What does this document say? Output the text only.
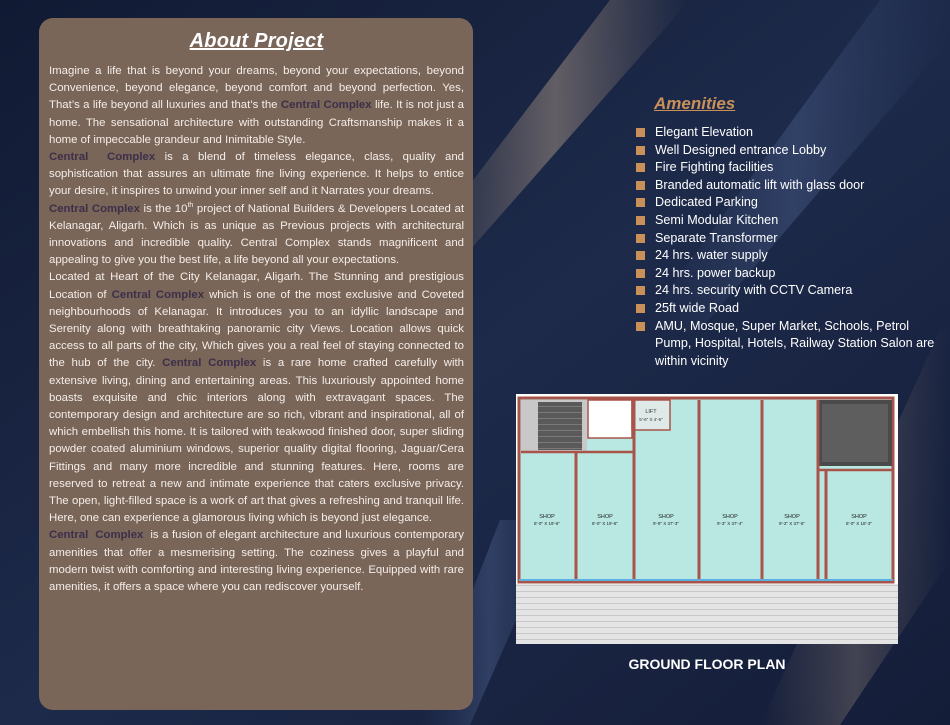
About Project

Imagine a life that is beyond your dreams, beyond your expectations, beyond Convenience, beyond elegance, beyond comfort and beyond perfection. Yes, That’s a life beyond all luxuries and that’s the Central Complex life. It is not just a home. The sensational architecture with outstanding Craftsmanship makes it a home of impeccable grandeur and Inimitable Style.

Central  Complex is a blend of timeless elegance, class, quality and sophistication that assures an ultimate fine living experience. It helps to entice your desire, it inspires to unwind your inner self and it Narrates your dreams.

Central Complex is the 10th project of National Builders & Developers Located at Kelanagar, Aligarh. Which is as unique as Previous projects with architectural innovations and incredible quality. Central Complex stands magnificent and appealing to give you the best life, a life beyond all your expectations.

Located at Heart of the City Kelanagar, Aligarh. The Stunning and prestigious Location of Central Complex which is one of the most exclusive and Coveted neighbourhoods of Kelanagar. It introduces you to an idyllic landscape and Serenity along with breathtaking panoramic city Views. Location allows quick access to all parts of the city, Which gives you a real feel of staying connected to the hub of the city. Central Complex is a rare home crafted carefully with extensive living, dining and entertaining areas. This luxuriously appointed home boasts exquisite and chic interiors along with extravagant spaces. The contemporary design and architecture are so rich, vibrant and inspirational, all of which embellish this home. It is tailored with teakwood finished door, super sliding powder coated aluminium windows, superior quality digital flooring, Jaguar/Cera Fittings and many more incredible and stunning features. Here, rooms are reserved to retreat a new and intimate experience that caters exclusive privacy. The open, light-filled space is a work of art that gives a refreshing and tranquil life. Here, one can experience a glamorous living which is beyond just elegance.

Central  Complex  is a fusion of elegant architecture and luxurious contemporary amenities that offer a mesmerising setting. The coziness gives a playful and modern twist with comforting and interesting living experience. Equipped with rare amenities, it offers a space where you can rediscover yourself.

Amenities
Elegant Elevation
Well Designed entrance Lobby
Fire Fighting facilities
Branded automatic lift with glass door
Dedicated Parking
Semi Modular Kitchen
Separate Transformer
24 hrs. water supply
24 hrs. power backup
24 hrs. security with CCTV Camera
25ft wide Road
AMU, Mosque, Super Market, Schools, Petrol Pump, Hospital, Hotels, Railway Station Salon are within vicinity
LIFT
5'-6" X 4'-6"
SHOP
8'-0" X 19'-6"
SHOP
8'-0" X 19'-6"
SHOP
9'-9" X 37'-3"
SHOP
9'-3" X 37'-4"
SHOP
9'-3" X 37'-5"
SHOP
8'-0" X 18'-3"
GROUND FLOOR PLAN
